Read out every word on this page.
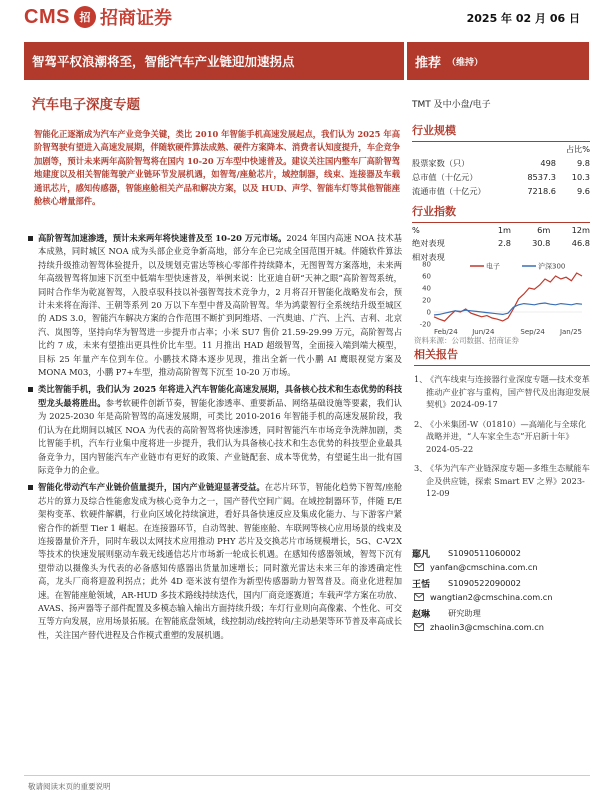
CMS 招 招商证券	2025 年 02 月 06 日
智驾平权浪潮将至，智能汽车产业链迎加速拐点	推荐 （维持）
汽车电子深度专题	TMT 及中小盘/电子
智能化正逐渐成为汽车产业竞争关键，类比 2010 年智能手机高速发展起点，我们认为 2025 年高阶智驾驶有望进入高速发展期，伴随软硬件算法成熟、硬件方案降本、消费者认知度提升，车企竞争加剧等，预计未来两年高阶智驾将在国内 10-20 万车型中快速普及。建议关注国内整车厂高阶智驾地建度以及相关智能驾驶产业链环节发展机遇，如智驾/座舱芯片，域控制器，线束、连接器及车载通讯芯片，感知传感器，智能座舱相关产品和解决方案，以及 HUD、声学、智能车灯等其他智能座舱核心增量部件。
高阶智驾加速渗透，预计未来两年将快速普及至 10-20 万元市场。2024 年国内高速 NOA 技术基本成熟，同时城区 NOA 成为头部企业竞争新高地，部分车企已完成全国范围开城。伴随软件算法持续升级推动智驾体验提升，以及规划克雷达等核心零部件持续降本，无图智驾方案落地，未来两年高级智驾将加速下沉至中低端车型快速普及，举例来说：比亚迪自研“天神之眼”高阶智驾系统，同时合作华为乾崑智驾，入股卓驭科技以补强智驾技术竞争力，2 月将召开智能化战略发布会，预计未来将在海洋、王朝等系列 20 万以下车型中普及高阶智驾。华为鸿蒙智行全系统结升级至城区的 ADS 3.0，智能汽车解决方案的合作范围不断扩到阿维塔、一汽奥迪、广汽、上汽、吉利、北京汽、岚图等，坚持向华为智驾进一步提升市占率；小米 SU7 售价 21.59-29.99 万元，高阶智驾占比约 7 成，未来有望推出更具性价比车型。11 月推出 HAD 超级智驾，全面接入端到端大模型，目标 25 年量产车位到车位。小鹏技术降本逐步见现，推出全新一代小鹏 AI 鹰眼视觉方案及 MONA M03，小鹏 P7+车型，推动高阶智驾下沉至 10-20 万市场。
类比智能手机，我们认为 2025 年将进入汽车智能化高速发展期，具备核心技术和生态优势的科技型龙头最将胜出。参考软硬件创新节奏，智能化渗透率、重要新品、网络基础设施等要素，我们认为 2025-2030 年是高阶智驾的高速发展期，可类比 2010-2016 年智能手机的高速发展阶段，我们认为在此期间以城区 NOA 为代表的高阶智驾将快速渗透，同时智能汽车市场竞争洗牌加剧，类比智能手机，汽车行业集中度将进一步提升，我们认为具备核心技术和生态优势的科技型企业最具备竞争力，国内智能汽车产业链市有更好的政策、产业链配套、成本等优势，有望诞生出一批有国际竞争力的企业。
智能化带动汽车产业链价值量提升，国内产业链迎显著受益。在芯片环节，智能化趋势下智驾/座舱芯片的算力及综合性能愈发成为核心竞争力之一，国产替代空间广阔。在域控制器环节，伴随 E/E 架构变革、软硬件解耦，行业向区域化持续演进，看好具备快速反应及集成化能力、与下游客户紧密合作的新型 Tier 1 崛起。在连接器环节，自动驾驶、智能座舱、车联网等核心应用场景的线束及连接器量价齐升，同时车载以太网技术应用推动 PHY 芯片及交换芯片市场规模增长，5G、C-V2X 等技术的快速发展则驱动车载无线通信芯片市场新一轮成长机遇。在感知传感器领域，智驾下沉有望带动以摄像头为代表的必备感知传感器出货量加速增长；同时激光雷达未来三年的渗透确定性高，龙头厂商将迎盈利拐点；此外 4D 毫米波有望作为新型传感器助力智驾普及。商业化进程加速。在智能座舱领域，AR-HUD 多技术路线持续迭代，国内厂商竞逐赛道；车载声学方案在功放、AVAS、扬声器等子部件配置及多模态输入输出方面持续升级；车灯行业则向高像素、个性化、可交互等方向发展，应用场景拓展。在智能底盘领域，线控制动/线控转向/主动悬架等环节普及率高成长性，关注国产替代进程及合作模式重塑的发展机遇。
行业规模
		占比%
股票家数（只）	498	9.8
总市值（十亿元）	8537.3	10.3
流通市值（十亿元）	7218.6	9.6
行业指数
%	1m	6m	12m
绝对表现	2.8	30.8	46.8
相对表现			
80
60
40
20
0
-20
Feb/24 Jun/24	Sep/24 Jan/25
电子	沪深300
资料来源：公司数据、招商证券
相关报告
1、
《汽车线束与连接器行业深度专题—技术变革推动产业扩容与重构，国产替代及出海迎发展契机》2024-09-17
2、
《小米集团-W（01810）—高端化与全球化战略并进，“人车家全生态”开启新十年》2024-05-22
3、
《华为汽车产业链深度专题—多维生态赋能车企及供应链，探索 Smart EV 之界》2023-12-09
鄢凡	S1090511060002
yanfan@cmschina.com.cn
王恬	S1090522090002
wangtian2@cmschina.com.cn
赵琳	研究助理
zhaolin3@cmschina.com.cn
敬请阅读末页的重要说明
